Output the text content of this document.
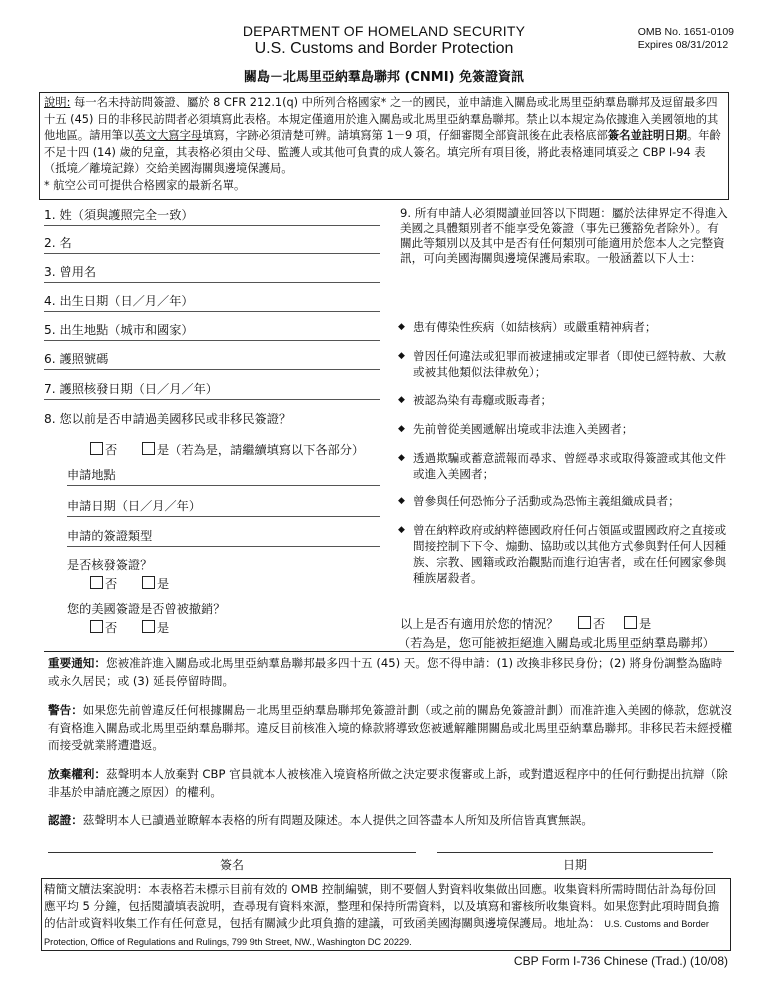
DEPARTMENT OF HOMELAND SECURITY
U.S. Customs and Border Protection
OMB No. 1651-0109
Expires 08/31/2012
關島－北馬里亞納羣島聯邦 (CNMI) 免簽證資訊
說明: 每一名未持訪問簽證、屬於 8 CFR 212.1(q) 中所列合格國家* 之一的國民，並申請進入關島或北馬里亞納羣島聯邦及逗留最多四十五 (45) 日的非移民訪問者必須填寫此表格。本規定僅適用於進入關島或北馬里亞納羣島聯邦。禁止以本規定為依據進入美國領地的其他地區。請用筆以英文大寫字母填寫，字跡必須清楚可辨。請填寫第 1－9 項，仔細審閱全部資訊後在此表格底部簽名並註明日期。年齡不足十四 (14) 歲的兒童，其表格必須由父母、監護人或其他可負責的成人簽名。填完所有項目後，將此表格連同填妥之 CBP I-94 表（抵境／離境記錄）交給美國海關與邊境保護局。
* 航空公司可提供合格國家的最新名單。
1. 姓（須與護照完全一致）
2. 名
3. 曾用名
4. 出生日期（日／月／年）
5. 出生地點（城市和國家）
6. 護照號碼
7. 護照核發日期（日／月／年）
8. 您以前是否申請過美國移民或非移民簽證？
否	是（若為是，請繼續填寫以下各部分）
申請地點
申請日期（日／月／年）
申請的簽證類型
是否核發簽證？
否	是
您的美國簽證是否曾被撤銷？
否	是
9. 所有申請人必須閱讀並回答以下問題：屬於法律界定不得進入美國之具體類別者不能享受免簽證（事先已獲豁免者除外）。有關此等類別以及其中是否有任何類別可能適用於您本人之完整資訊，可向美國海關與邊境保護局索取。一般涵蓋以下人士：
◆ 患有傳染性疾病（如結核病）或嚴重精神病者；
◆ 曾因任何違法或犯罪而被逮捕或定罪者（即使已經特赦、大赦或被其他類似法律赦免）；
◆ 被認為染有毒癮或販毒者；
◆ 先前曾從美國遞解出境或非法進入美國者；
◆ 透過欺騙或蓄意謊報而尋求、曾經尋求或取得簽證或其他文件或進入美國者；
◆ 曾參與任何恐怖分子活動或為恐怖主義組織成員者；
◆ 曾在納粹政府或納粹德國政府任何占領區或盟國政府之直接或間接控制下下令、煽動、協助或以其他方式參與對任何人因種族、宗教、國籍或政治觀點而進行迫害者，或在任何國家參與種族屠殺者。
以上是否有適用於您的情況？	否	是
（若為是，您可能被拒絕進入關島或北馬里亞納羣島聯邦）
重要通知：您被准許進入關島或北馬里亞納羣島聯邦最多四十五 (45) 天。您不得申請：(1) 改換非移民身份；(2) 將身份調整為臨時或永久居民；或 (3) 延長停留時間。
警告：如果您先前曾違反任何根據關島－北馬里亞納羣島聯邦免簽證計劃（或之前的關島免簽證計劃）而准許進入美國的條款，您就沒有資格進入關島或北馬里亞納羣島聯邦。違反目前核准入境的條款將導致您被遞解離開關島或北馬里亞納羣島聯邦。非移民若未經授權而接受就業將遭遣返。
放棄權利：茲聲明本人放棄對 CBP 官員就本人被核准入境資格所做之決定要求復審或上訴，或對遣返程序中的任何行動提出抗辯（除非基於申請庇護之原因）的權利。
認證：茲聲明本人已讀過並瞭解本表格的所有問題及陳述。本人提供之回答盡本人所知及所信皆真實無誤。
簽名	日期
精簡文牘法案說明：本表格若未標示目前有效的 OMB 控制編號，則不要個人對資料收集做出回應。收集資料所需時間估計為每份回應平均 5 分鐘，包括閱讀填表說明，查尋現有資料來源，整理和保持所需資料，以及填寫和審核所收集資料。如果您對此項時間負擔的估計或資料收集工作有任何意見，包括有關減少此項負擔的建議，可致函美國海關與邊境保護局。地址為： U.S. Customs and Border Protection, Office of Regulations and Rulings, 799 9th Street, NW., Washington DC 20229.
CBP Form I-736 Chinese (Trad.) (10/08)
